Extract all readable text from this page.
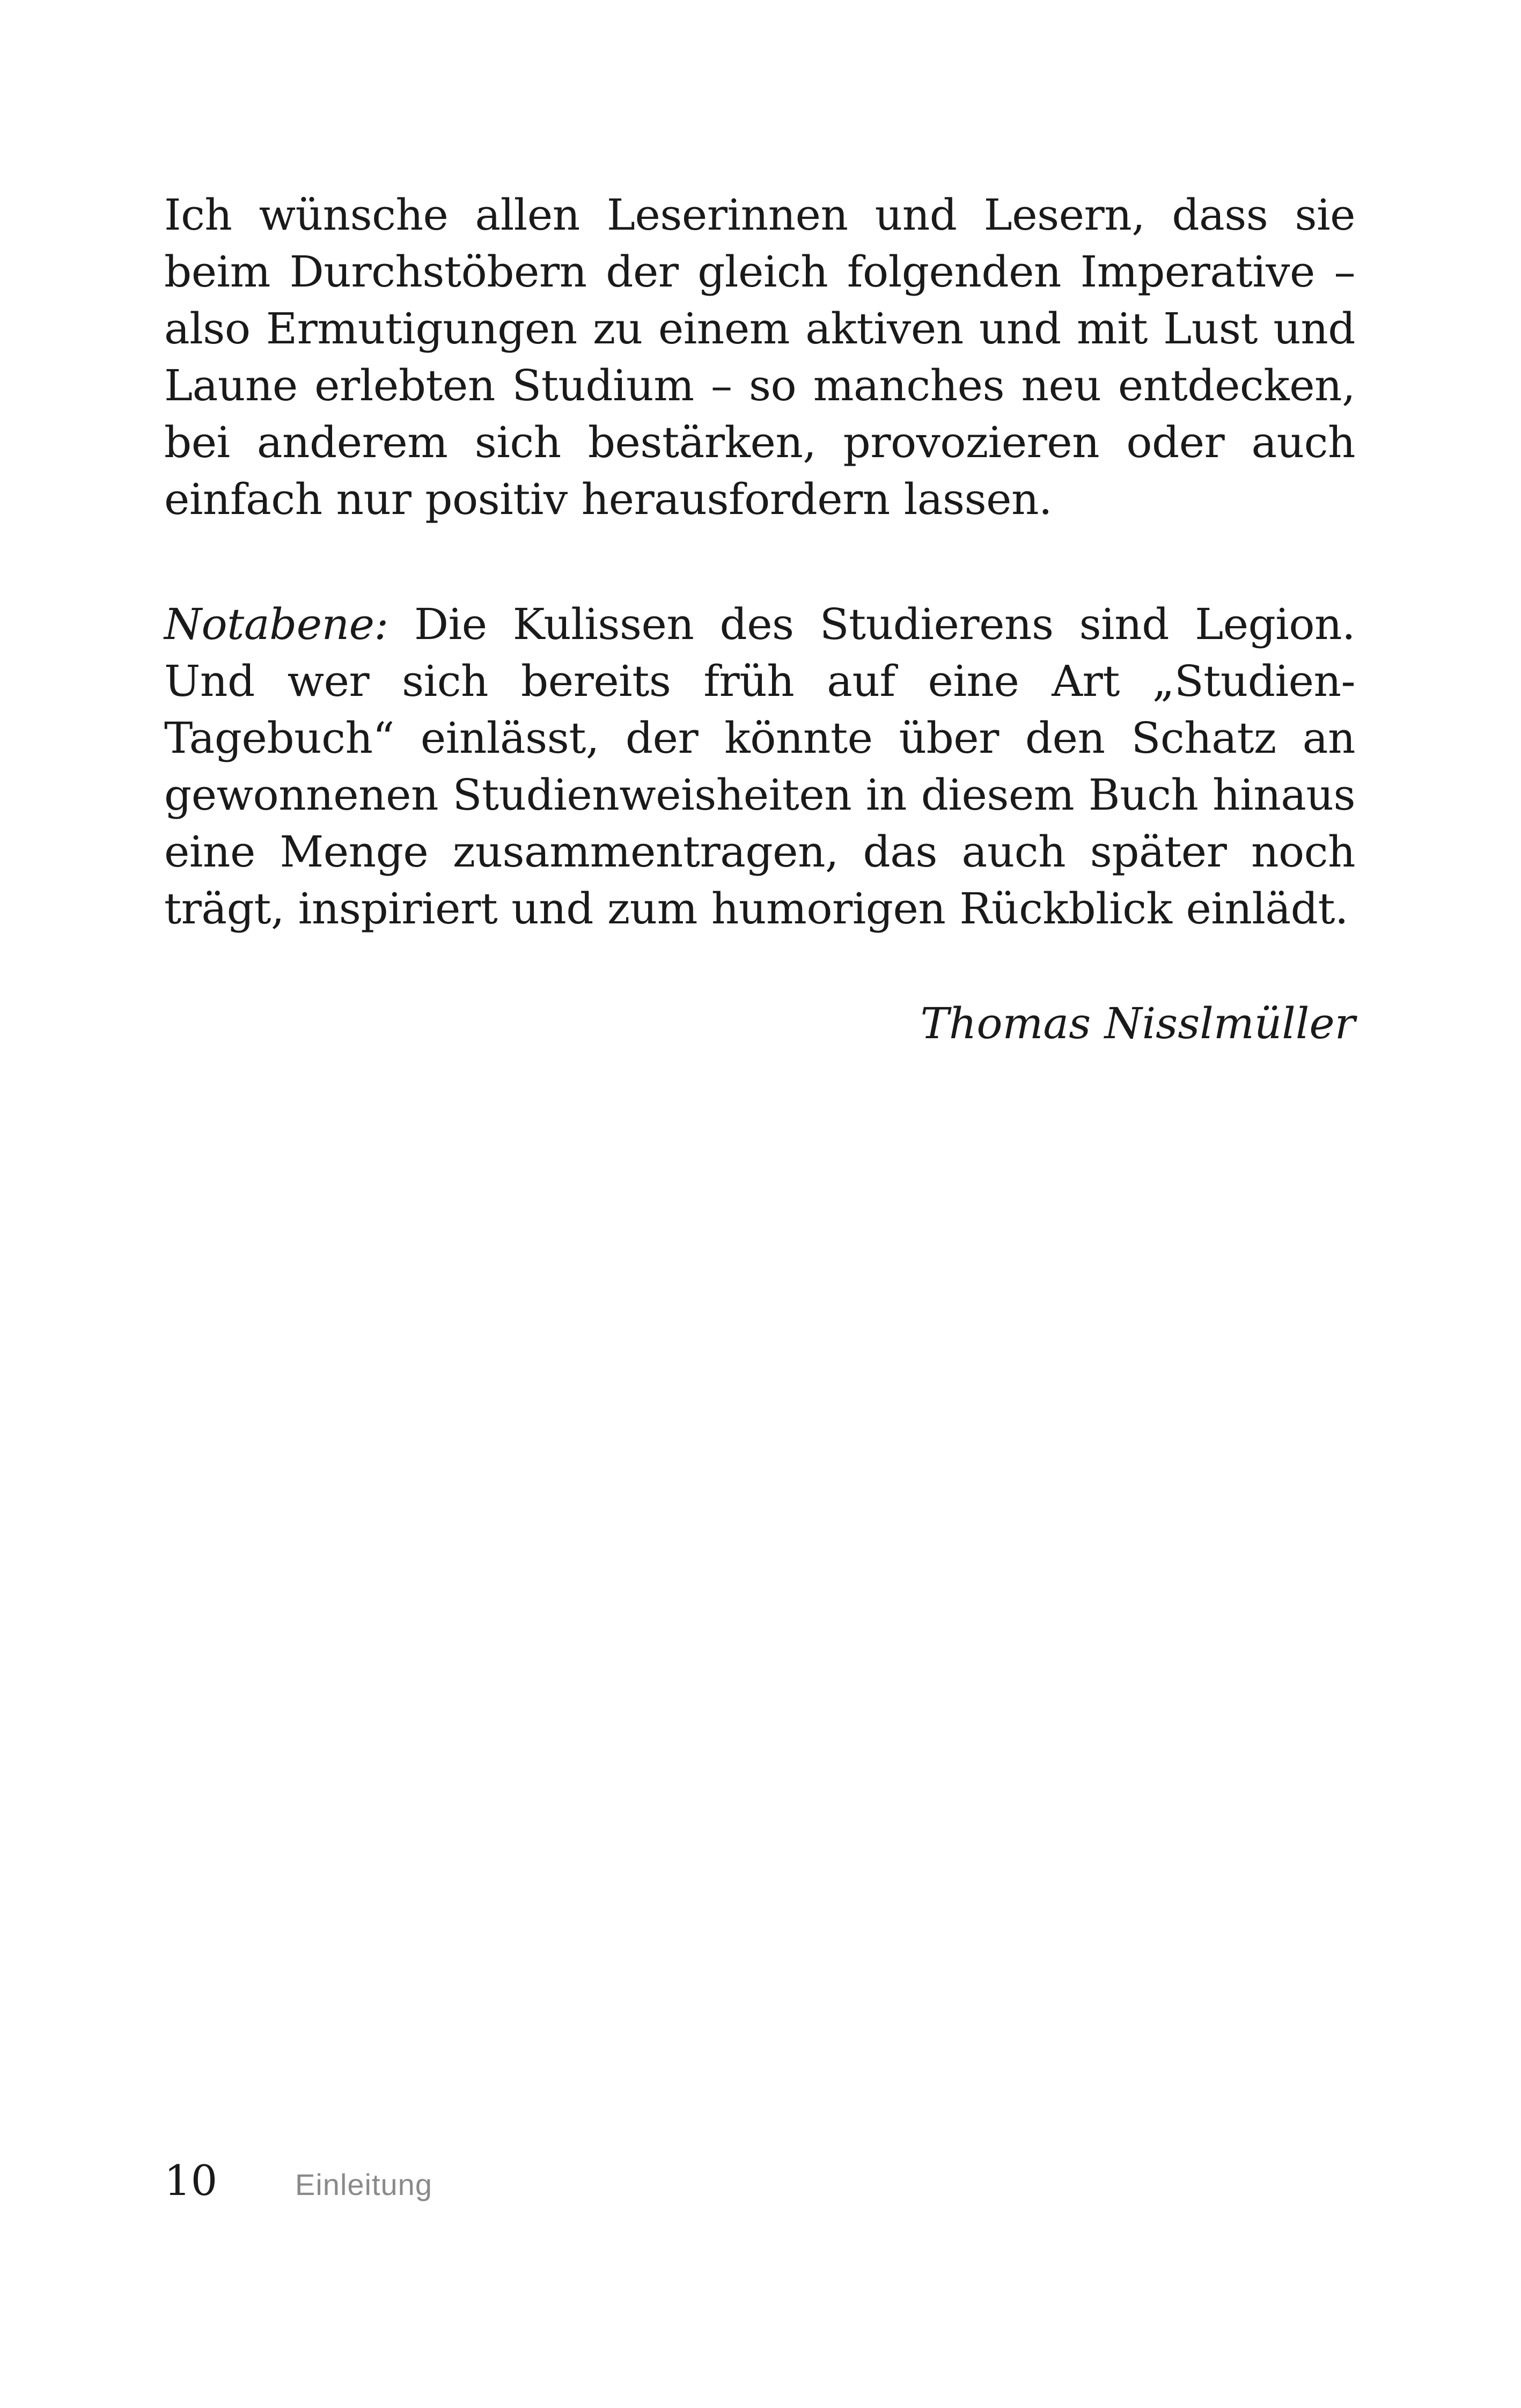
Ich wünsche allen Leserinnen und Lesern, dass sie beim Durchstöbern der gleich folgenden Imperative – also Ermutigungen zu einem aktiven und mit Lust und Laune erlebten Studium – so manches neu entdecken, bei anderem sich bestärken, provozieren oder auch einfach nur positiv herausfordern lassen.

Notabene: Die Kulissen des Studierens sind Legion. Und wer sich bereits früh auf eine Art „Studien-Tagebuch“ einlässt, der könnte über den Schatz an gewonnenen Studienweisheiten in diesem Buch hinaus eine Menge zusammentragen, das auch später noch trägt, inspiriert und zum humorigen Rückblick einlädt.

Thomas Nisslmüller
10	Einleitung
